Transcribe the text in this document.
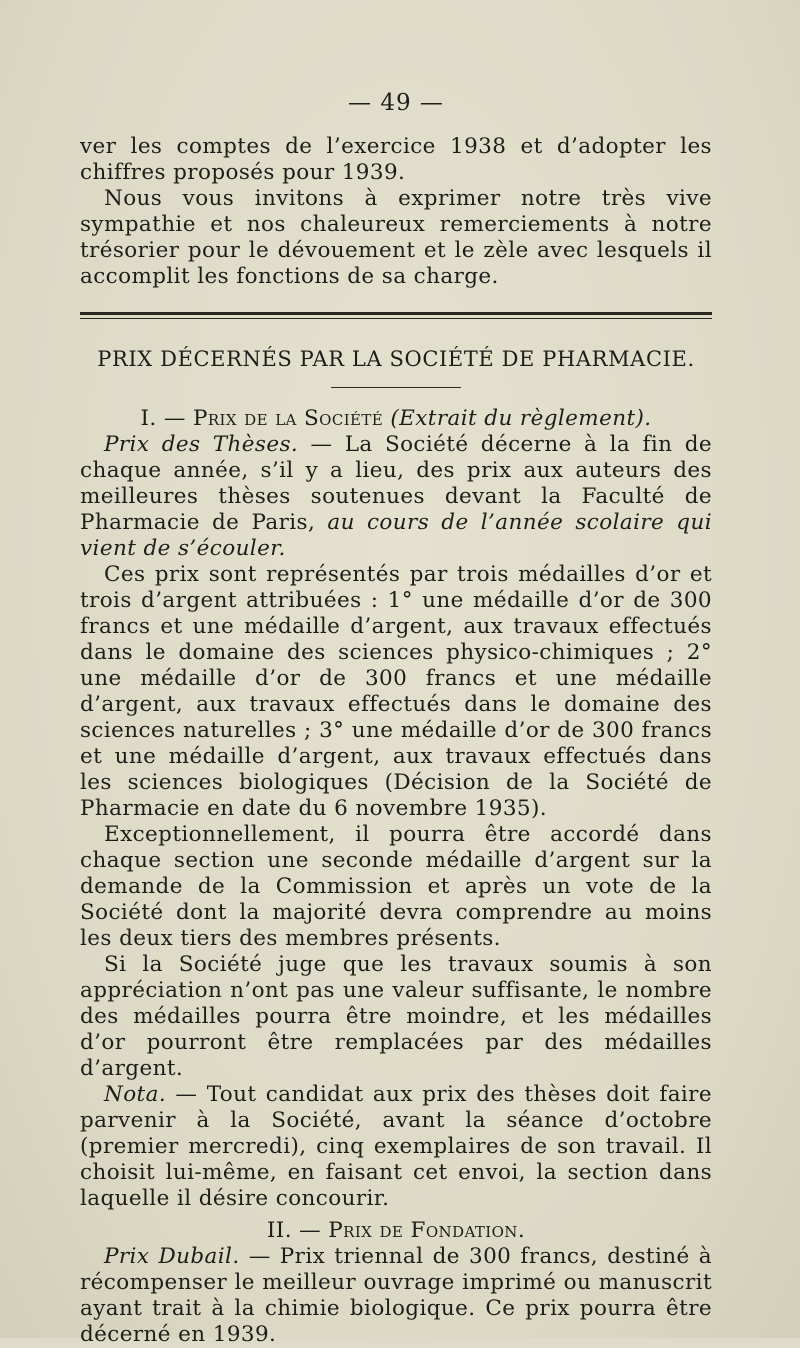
— 49 —

ver les comptes de l’exercice 1938 et d’adopter les chiffres proposés pour 1939.

Nous vous invitons à exprimer notre très vive sympathie et nos chaleureux remerciements à notre trésorier pour le dévouement et le zèle avec lesquels il accomplit les fonctions de sa charge.

PRIX DÉCERNÉS PAR LA SOCIÉTÉ DE PHARMACIE.

I. — Prix de la Société (Extrait du règlement).

Prix des Thèses. — La Société décerne à la fin de chaque année, s’il y a lieu, des prix aux auteurs des meilleures thèses soutenues devant la Faculté de Pharmacie de Paris, au cours de l’année scolaire qui vient de s’écouler.

Ces prix sont représentés par trois médailles d’or et trois d’argent attribuées : 1° une médaille d’or de 300 francs et une médaille d’argent, aux travaux effectués dans le domaine des sciences physico-chimiques ; 2° une médaille d’or de 300 francs et une médaille d’argent, aux travaux effectués dans le domaine des sciences naturelles ; 3° une médaille d’or de 300 francs et une médaille d’argent, aux travaux effectués dans les sciences biologiques (Décision de la Société de Pharmacie en date du 6 novembre 1935).

Exceptionnellement, il pourra être accordé dans chaque section une seconde médaille d’argent sur la demande de la Commission et après un vote de la Société dont la majorité devra comprendre au moins les deux tiers des membres présents.

Si la Société juge que les travaux soumis à son appréciation n’ont pas une valeur suffisante, le nombre des médailles pourra être moindre, et les médailles d’or pourront être remplacées par des médailles d’argent.

Nota. — Tout candidat aux prix des thèses doit faire parvenir à la Société, avant la séance d’octobre (premier mercredi), cinq exemplaires de son travail. Il choisit lui-même, en faisant cet envoi, la section dans laquelle il désire concourir.

II. — Prix de Fondation.

Prix Dubail. — Prix triennal de 300 francs, destiné à récompenser le meilleur ouvrage imprimé ou manuscrit ayant trait à la chimie biologique. Ce prix pourra être décerné en 1939.
